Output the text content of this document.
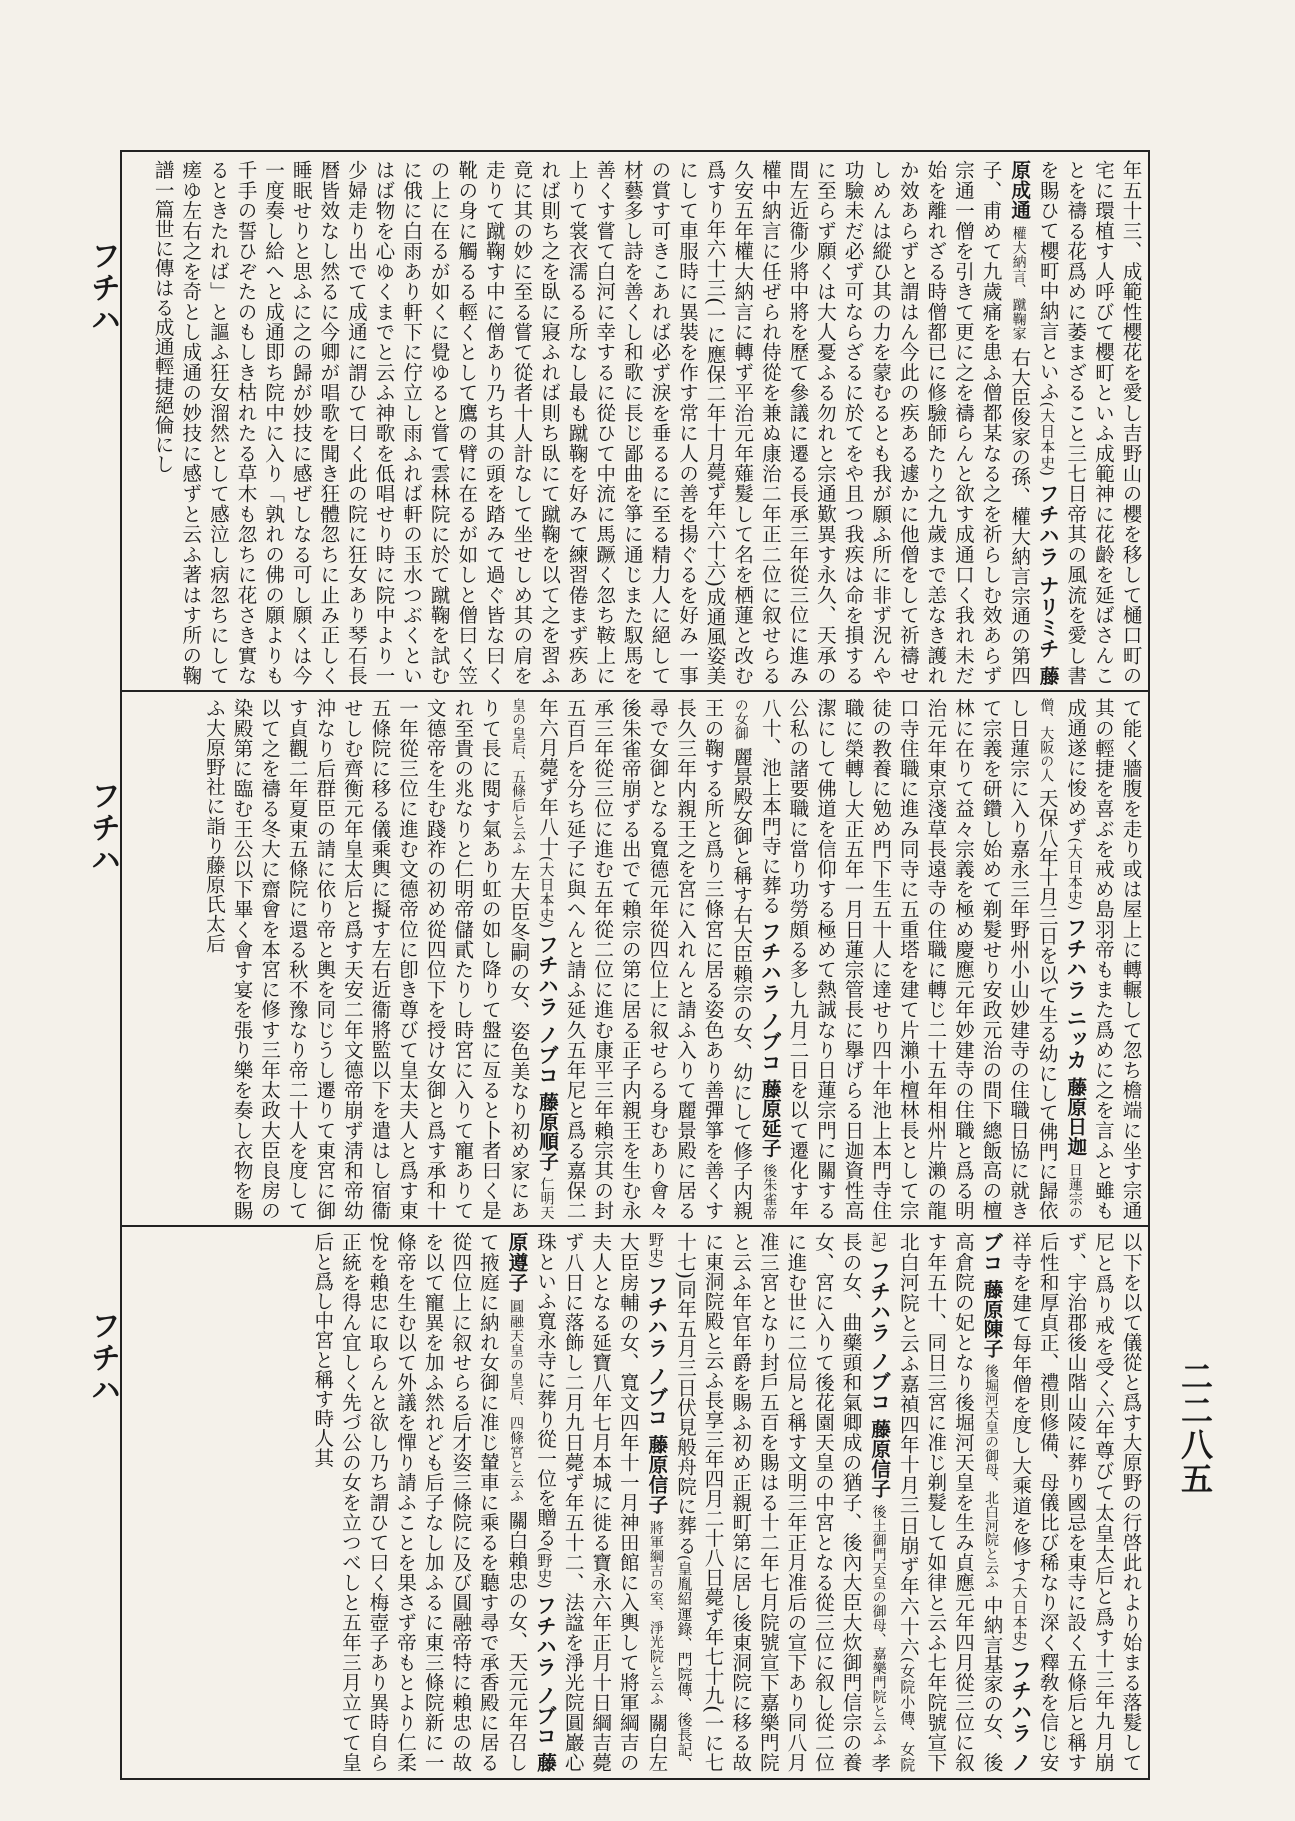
フチハ
フチハ
フチハ
二二八五
年五十三、成範性櫻花を愛し吉野山の櫻を移して樋口町の宅に環植す人呼びて櫻町といふ成範神に花齡を延ばさんことを禱る花爲めに萎まざること三七日帝其の風流を愛し書を賜ひて櫻町中納言といふ(大日本史) フチハラ ナリミチ 藤原成通 權大納言、蹴鞠家 右大臣俊家の孫、權大納言宗通の第四子、甫めて九歲痛を患ふ僧都某なる之を祈らしむ效あらず宗通一僧を引きて更に之を禱らんと欲す成通口く我れ未だ始を離れざる時僧都已に修驗師たり之九歲まで恙なき護れか效あらずと謂はん今此の疾ある遽かに他僧をして祈禱せしめんは縱ひ其の力を蒙むるとも我が願ふ所に非ず況んや功驗未だ必ず可ならざるに於てをや且つ我疾は命を損するに至らず願くは大人憂ふる勿れと宗通歎異す永久、天承の間左近衞少將中將を歷て參議に遷る長承三年從三位に進み權中納言に任ぜられ侍從を兼ぬ康治二年正二位に叙せらる久安五年權大納言に轉ず平治元年薙髮して名を栖蓮と改む爲すり年六十三(一に應保二年十月薨ず年六十六)成通風姿美にして車服時に異裝を作す常に人の善を揚ぐるを好み一事の賞す可きこあれば必ず淚を垂るるに至る精力人に絕して材藝多し詩を善くし和歌に長じ鄙曲を箏に通じまた馭馬を善くす嘗て白河に幸するに從ひて中流に馬蹶く忽ち鞍上に上りて裳衣濡るる所なし最も蹴鞠を好みて練習倦まず疾あれば則ち之を臥に寢ふれば則ち臥にて蹴鞠を以て之を習ふ竟に其の妙に至る嘗て從者十人計なして坐せしめ其の肩を走りて蹴鞠す中に僧あり乃ち其の頭を踏みて過ぐ皆な曰く靴の身に觸るる輕くとして鷹の臂に在るが如しと僧曰く笠の上に在るが如くに覺ゆると嘗て雲林院に於て蹴鞠を試むに俄に白雨あり軒下に佇立し雨ふれば軒の玉水つぶくといはば物を心ゆくまでと云ふ神歌を低唱せり時に院中より一少婦走り出でて成通に謂ひて曰く此の院に狂女あり琴石長暦皆效なし然るに今卿が唱歌を聞き狂體忽ちに止み正しく睡眠せりと思ふに之の歸が妙技に感ぜしなる可し願くは今一度奏し給へと成通即ち院中に入り「孰れの佛の願よりも千手の誓ひぞたのもしき枯れたる草木も忽ちに花さき實なるときたれば」と謳ふ狂女溜然として感泣し病忽ちにして瘥ゆ左右之を奇とし成通の妙技に感ずと云ふ著はす所の鞠譜一篇世に傳はる成通輕捷絕倫にし
て能く牆腹を走り或は屋上に轉輾して忽ち檐端に坐す宗通其の輕捷を喜ぶを戒め島羽帝もまた爲めに之を言ふと雖も成通遂に悛めず(大日本史) フチハラ ニッカ 藤原日迦 日蓮宗の僧、大阪の人 天保八年十月三日を以て生る幼にして佛門に歸依し日蓮宗に入り嘉永三年野州小山妙建寺の住職日協に就きて宗義を研鑽し始めて剃髮せり安政元治の間下總飯高の檀林に在りて益々宗義を極め慶應元年妙建寺の住職と爲る明治元年東京淺草長遠寺の住職に轉じ二十五年相州片瀨の龍口寺住職に進み同寺に五重塔を建て片瀨小檀林長として宗徒の教養に勉め門下生五十人に達せり四十年池上本門寺住職に榮轉し大正五年一月日蓮宗管長に擧げらる日迦資性高潔にして佛道を信仰する極めて熱誠なり日蓮宗門に關する公私の諸要職に當り功勞頗る多し九月二日を以て遷化す年八十、池上本門寺に葬る フチハラ ノブコ 藤原延子 後朱雀帝の女御 麗景殿女御と稱す右大臣賴宗の女、幼にして修子内親王の鞠する所と爲り三條宮に居る姿色あり善彈箏を善くす長久三年内親王之を宮に入れんと請ふ入りて麗景殿に居る尋で女御となる寬德元年從四位上に叙せらる身むあり會々後朱雀帝崩ずる出でて賴宗の第に居る正子内親王を生む永承三年從三位に進む五年從二位に進む康平三年賴宗其の封五百戶を分ち延子に與へんと請ふ延久五年尼と爲る嘉保二年六月薨ず年八十(大日本史) フチハラ ノブコ 藤原順子 仁明天皇の皇后、五條后と云ふ 左大臣冬嗣の女、姿色美なり初め家にありて長に閱す氣あり虹の如し降りて盤に亙ると卜者曰く是れ至貴の兆なりと仁明帝儲貳たりし時宮に入りて寵ありて文德帝を生む踐祚の初め從四位下を授け女御と爲す承和十一年從三位に進む文德帝位に卽き尊びて皇太夫人と爲す東五條院に移る儀乘輿に擬す左右近衞將監以下を遣はし宿衞せしむ齊衡元年皇太后と爲す天安二年文德帝崩ず淸和帝幼沖なり后群臣の請に依り帝と輿を同じうし遷りて東宮に御す貞觀二年夏東五條院に還る秋不豫なり帝二十人を度して以て之を禱る冬大に齋會を本宮に修す三年太政大臣良房の染殿第に臨む王公以下畢く會す宴を張り樂を奏し衣物を賜ふ大原野社に詣り藤原氏太后
以下を以て儀從と爲す大原野の行啓此れより始まる落髮して尼と爲り戒を受く六年尊びて太皇太后と爲す十三年九月崩ず、宇治郡後山階山陵に葬り國忌を東寺に設く五條后と稱す后性和厚貞正、禮則修備、母儀比び稀なり深く釋敎を信じ安祥寺を建て每年僧を度し大乘道を修す(大日本史) フチハラ ノブコ 藤原陳子 後堀河天皇の御母、北白河院と云ふ 中納言基家の女、後高倉院の妃となり後堀河天皇を生み貞應元年四月從三位に叙す年五十、同日三宮に准じ剃髮して如律と云ふ七年院號宣下北白河院と云ふ嘉禎四年十月三日崩ず年六十六(女院小傳、女院記) フチハラ ノブコ 藤原信子 後土御門天皇の御母、嘉樂門院と云ふ 孝長の女、曲藥頭和氣卿成の猶子、後內大臣大炊御門信宗の養女、宮に入りて後花園天皇の中宮となる從三位に叙し從二位に進む世に二位局と稱す文明三年正月准后の宣下あり同八月准三宮となり封戶五百を賜はる十二年七月院號宣下嘉樂門院と云ふ年官年爵を賜ふ初め正親町第に居し後東洞院に移る故に東洞院殿と云ふ長享三年四月二十八日薨ず年七十九(一に七十七)同年五月三日伏見般舟院に葬る(皇胤紹運錄、門院傳、後長記、野史) フチハラ ノブコ 藤原信子 將軍綱吉の室、淨光院と云ふ 關白左大臣房輔の女、寬文四年十一月神田館に入輿して將軍綱吉の夫人となる延寶八年七月本城に徙る寶永六年正月十日綱吉薨ず八日に落飾し二月九日薨ず年五十二、法諡を淨光院圓巖心珠といふ寬永寺に葬り從一位を贈る(野史) フチハラ ノブコ 藤原遵子 圓融天皇の皇后、四條宮と云ふ 關白賴忠の女、天元元年召して掖庭に納れ女御に准じ輦車に乘るを聽す尋で承香殿に居る從四位上に叙せらる后才姿三條院に及び圓融帝特に賴忠の故を以て寵異を加ふ然れども后子なし加ふるに東三條院新に一條帝を生む以て外議を憚り請ふことを果さず帝もとより仁柔悅を賴忠に取らんと欲し乃ち謂ひて曰く梅壺子あり異時自ら正統を得ん宜しく先づ公の女を立つべしと五年三月立てて皇后と爲し中宮と稱す時人其
